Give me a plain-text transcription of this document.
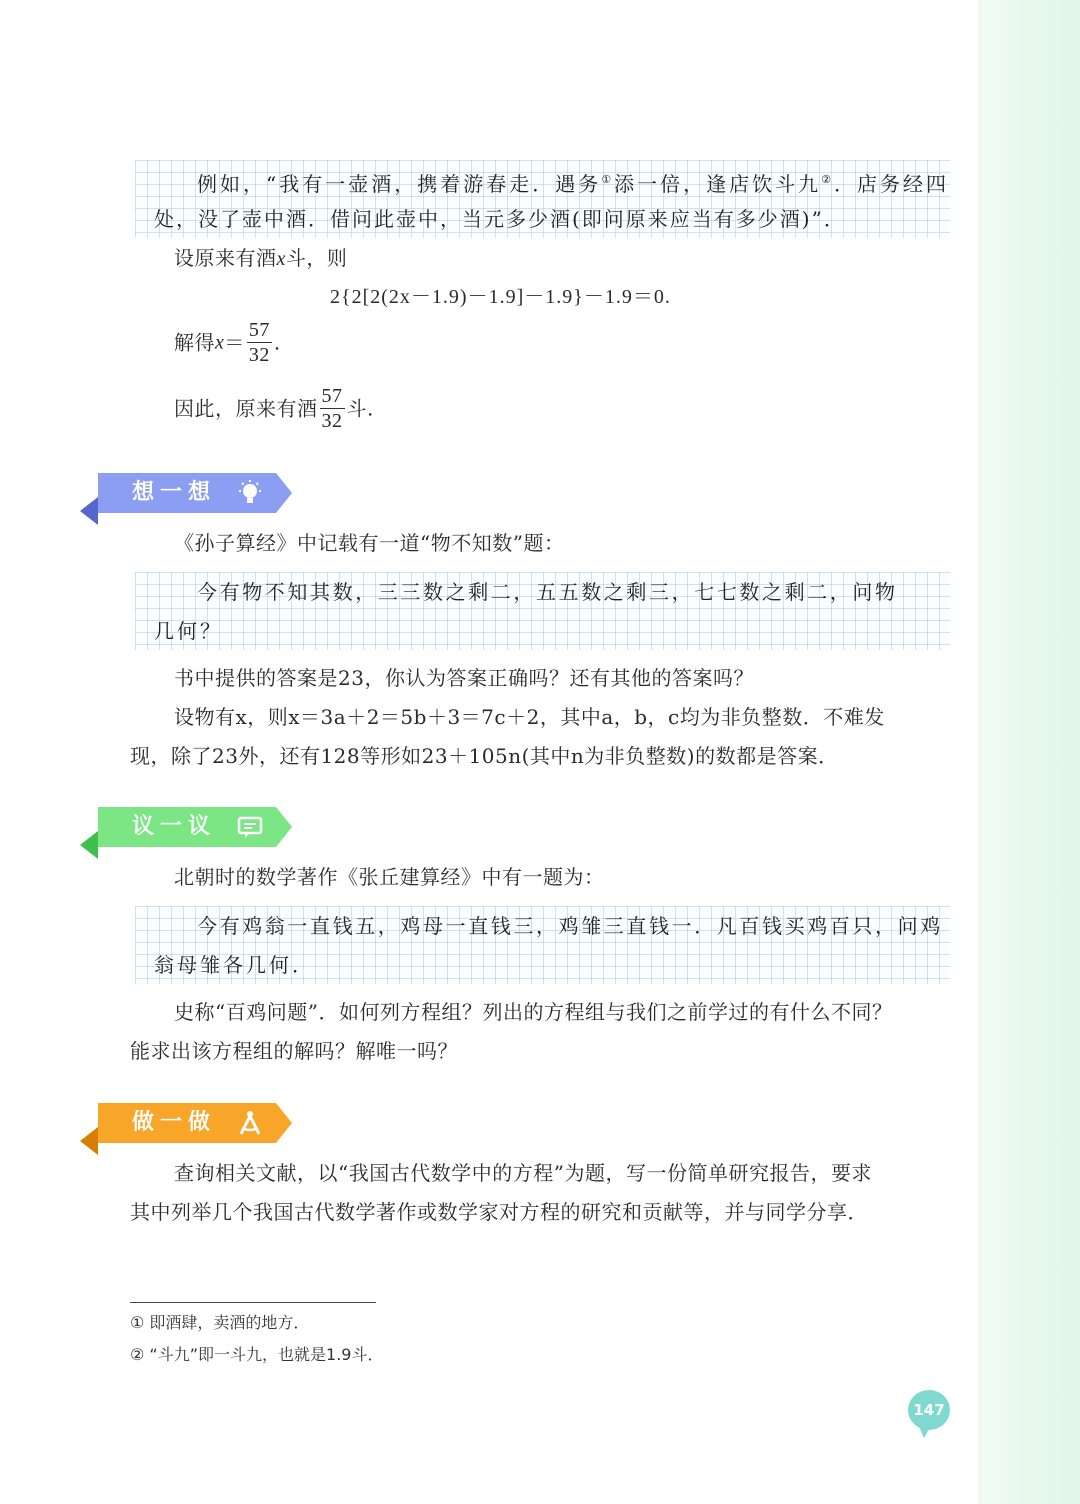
例如，“我有一壶酒，携着游春走．遇务①添一倍，逢店饮斗九②．店务经四
处，没了壶中酒．借问此壶中，当元多少酒(即问原来应当有多少酒)”．
设原来有酒x斗，则
2{2[2(2x－1.9)－1.9]－1.9}－1.9＝0.
解得$x= \frac{57}{32}$ .
因此，原来有酒 $\frac{57}{32}$ 斗.
想一想
《孙子算经》中记载有一道“物不知数”题：
今有物不知其数，三三数之剩二，五五数之剩三，七七数之剩二，问物
几何？
书中提供的答案是23，你认为答案正确吗？还有其他的答案吗？
设物有x，则x＝3a＋2＝5b＋3＝7c＋2，其中a，b，c均为非负整数．不难发
现，除了23外，还有128等形如23＋105n(其中n为非负整数)的数都是答案．
议一议
北朝时的数学著作《张丘建算经》中有一题为：
今有鸡翁一直钱五，鸡母一直钱三，鸡雏三直钱一．凡百钱买鸡百只，问鸡
翁母雏各几何．
史称“百鸡问题”．如何列方程组？列出的方程组与我们之前学过的有什么不同？
能求出该方程组的解吗？解唯一吗？
做一做
查询相关文献，以“我国古代数学中的方程”为题，写一份简单研究报告，要求
其中列举几个我国古代数学著作或数学家对方程的研究和贡献等，并与同学分享．
① 即酒肆，卖酒的地方．
② “斗九”即一斗九，也就是1.9斗．
147
